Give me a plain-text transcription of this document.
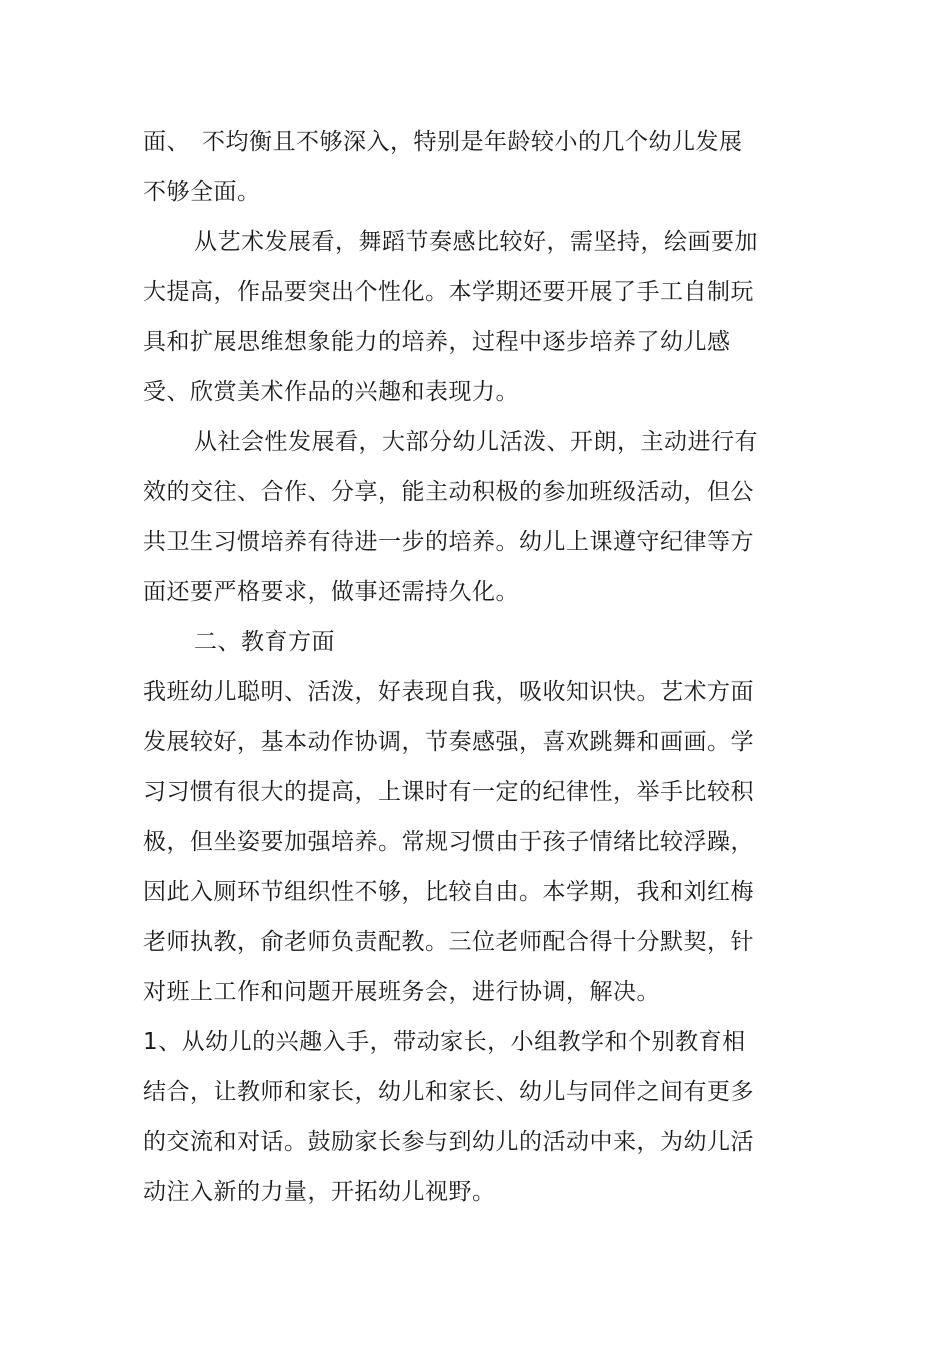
面、　不均衡且不够深入，特别是年龄较小的几个幼儿发展
不够全面。
从艺术发展看，舞蹈节奏感比较好，需坚持，绘画要加
大提高，作品要突出个性化。本学期还要开展了手工自制玩
具和扩展思维想象能力的培养，过程中逐步培养了幼儿感
受、欣赏美术作品的兴趣和表现力。
从社会性发展看，大部分幼儿活泼、开朗，主动进行有
效的交往、合作、分享，能主动积极的参加班级活动，但公
共卫生习惯培养有待进一步的培养。幼儿上课遵守纪律等方
面还要严格要求，做事还需持久化。
二、教育方面
我班幼儿聪明、活泼，好表现自我，吸收知识快。艺术方面
发展较好，基本动作协调，节奏感强，喜欢跳舞和画画。学
习习惯有很大的提高，上课时有一定的纪律性，举手比较积
极，但坐姿要加强培养。常规习惯由于孩子情绪比较浮躁，
因此入厕环节组织性不够，比较自由。本学期，我和刘红梅
老师执教，俞老师负责配教。三位老师配合得十分默契，针
对班上工作和问题开展班务会，进行协调，解决。
1、从幼儿的兴趣入手，带动家长，小组教学和个别教育相
结合，让教师和家长，幼儿和家长、幼儿与同伴之间有更多
的交流和对话。鼓励家长参与到幼儿的活动中来，为幼儿活
动注入新的力量，开拓幼儿视野。
